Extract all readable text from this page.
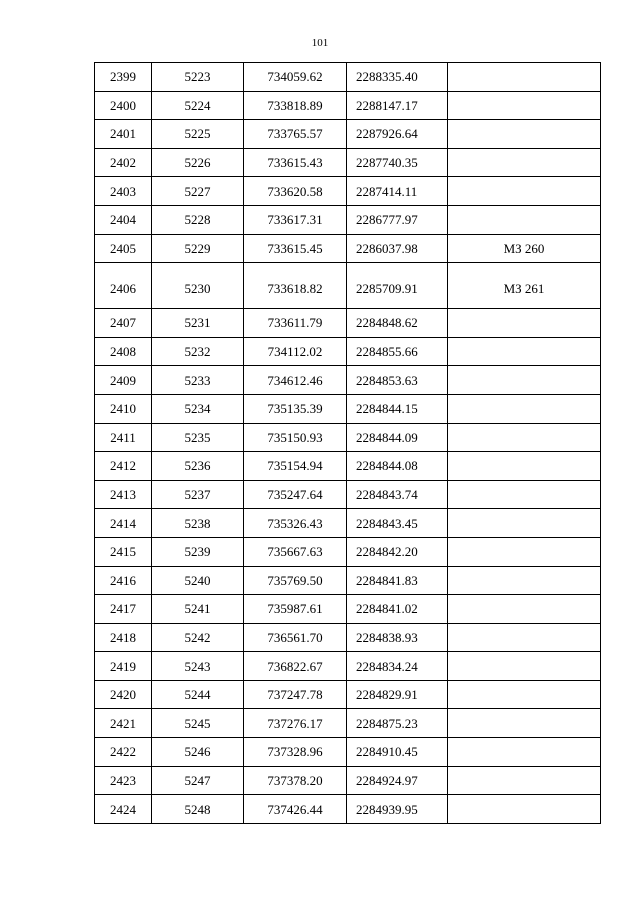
101
2399	5223	734059.62	2288335.40	
2400	5224	733818.89	2288147.17	
2401	5225	733765.57	2287926.64	
2402	5226	733615.43	2287740.35	
2403	5227	733620.58	2287414.11	
2404	5228	733617.31	2286777.97	
2405	5229	733615.45	2286037.98	МЗ 260
2406	5230	733618.82	2285709.91	МЗ 261
2407	5231	733611.79	2284848.62	
2408	5232	734112.02	2284855.66	
2409	5233	734612.46	2284853.63	
2410	5234	735135.39	2284844.15	
2411	5235	735150.93	2284844.09	
2412	5236	735154.94	2284844.08	
2413	5237	735247.64	2284843.74	
2414	5238	735326.43	2284843.45	
2415	5239	735667.63	2284842.20	
2416	5240	735769.50	2284841.83	
2417	5241	735987.61	2284841.02	
2418	5242	736561.70	2284838.93	
2419	5243	736822.67	2284834.24	
2420	5244	737247.78	2284829.91	
2421	5245	737276.17	2284875.23	
2422	5246	737328.96	2284910.45	
2423	5247	737378.20	2284924.97	
2424	5248	737426.44	2284939.95	
